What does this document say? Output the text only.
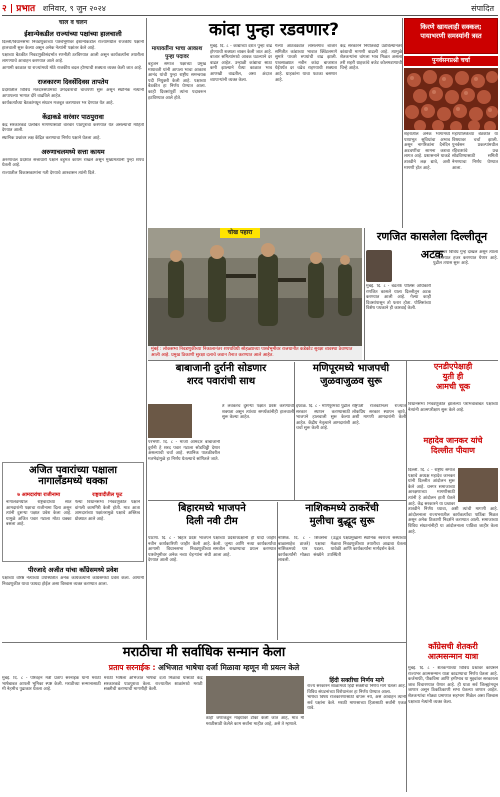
२ | प्रभात शनिवार, ९ जुन २०२४	संपादित
चाल व चलन
ईशान्येकडील राज्यांच्या पक्षांच्या हालचाली

दिल्ली/विधानसभा निवडणुकांच्या पार्श्वभूमीवर ईशान्येकडील राज्यांमधील राजकीय पक्षांनी हालचाली सुरू केल्या असून अनेक नेत्यांनी पक्षांतर केले आहे.

पक्षाच्या बैठकीत निवडणुकीसंदर्भात रणनीती ठरविण्यात आली असून कार्यकर्त्यांना तयारीला लागण्याचे आवाहन करण्यात आले आहे.

आगामी काळात या राज्यांमध्ये मोठे राजकीय बदल होण्याची शक्यता व्यक्त केली जात आहे.

राजकारण दिवसेंदिवस तापतेय

प्रदेशातील विविध मतदारसंघांमध्ये उमेदवारांची चाचपणी सुरू असून स्थानिक नेत्यांनी आपापल्या भागात दौरे वाढविले आहेत.

कार्यकर्त्यांच्या बैठकांमधून संघटन मजबूत करण्यावर भर देण्यात येत आहे.

केंद्राकडे वारंवार पाठपुरावा

केंद्र सरकारकडे प्रलंबित मागण्यांसाठी वारंवार पाठपुरावा करण्यात येत असल्याची माहिती देण्यात आली.

स्थानिक प्रश्नांवर लक्ष केंद्रित करण्याचा निर्णय पक्षाने घेतला आहे.

अरुणाचलमध्ये सत्ता कायम

अरुणाचल प्रदेशात सत्ताधारी पक्षाने बहुमत कायम राखले असून मुख्यमंत्र्यांनी पुन्हा शपथ घेतली आहे.

राज्यातील विकासकामांना गती देण्याचे आश्वासन त्यांनी दिले.

अजित पवारांच्या पक्षाला
नागालँडमध्ये धक्का
७ आमदारांचा राजीनामा
नागालँडमधील राष्ट्रवादीच्या सात आमदारांनी पक्षाचा राजीनामा दिला असून त्यांनी दुसऱ्या पक्षात प्रवेश केला आहे. यामुळे अजित पवार गटाला मोठा धक्का बसला आहे.
राष्ट्रवादीतील फूट
गेल्या विधानसभा निवडणुकीत पक्षाने चांगली कामगिरी केली होती. मात्र आता आमदारांच्या पक्षांतरामुळे पक्षाचे अस्तित्व धोक्यात आले आहे.
पीरजादे अजीत यांचा काँग्रेसमध्ये प्रवेश
पक्षाच्या वरिष्ठ नेत्यांच्या उपस्थितीत अनेक कार्यकर्त्यांनी काँग्रेसमध्ये प्रवेश केला. आगामी निवडणुकीत याचा फायदा होईल असा विश्वास व्यक्त करण्यात आला.
मायावतींना भाचा आकाश पुन्हा पदावर
बहुजन समाज पक्षाच्या प्रमुख मायावती यांनी आपला भाचा आकाश आनंद यांची पुन्हा राष्ट्रीय समन्वयक पदी नियुक्ती केली आहे. पक्षाच्या बैठकीत हा निर्णय घेण्यात आला. काही दिवसांपूर्वी त्यांना पदावरून हटविण्यात आले होते.
कांदा पुन्हा रडवणार?
मुंबई. दि. ८ - कांद्याच्या दरात पुन्हा वाढ होण्याची शक्यता व्यक्त केली जात आहे. बाजार समित्यांमध्ये आवक घटल्याने दर वाढत आहेत. उन्हाळी कांद्याचा साठा कमी झाल्याने येत्या काळात भाव आणखी वाढतील, असा अंदाज व्यापाऱ्यांनी व्यक्त केला.
गेल्या आठवड्यात लासलगाव बाजार समितीत कांद्याच्या भावात क्विंटलमागे सुमारे पाचशे रुपयांची वाढ झाली. पावसाळ्यात नवीन कांदा बाजारात येईपर्यंत दर चढेच राहण्याची शक्यता आहे. ग्राहकांना याचा फटका बसणार आहे.
केंद्र सरकारने निर्यातबंदी उठविल्यानंतर कांद्याची मागणी वाढली आहे. त्यामुळे शेतकऱ्यांना चांगला भाव मिळत असला तरी शहरी ग्राहकांचे बजेट कोलमडण्याची चिन्हे आहेत.

किरणे खायलाही सक्कल;
पायाभरणी समस्यांनी त्रस्त

पुनर्वसनप्रश्नी चर्चा

शहरातील अनेक भागांमध्ये पायाभूत सुविधांचा अभाव असून नागरिकांना दैनंदिन अडचणींचा सामना करावा लागत आहे. प्रशासनाने याकडे तातडीने लक्ष द्यावे, अशी मागणी होत आहे.
महापालिकेच्या बैठकीत या विषयावर चर्चा झाली. पुनर्वसन प्रकल्पांमधील रहिवाशांचे प्रश्न सोडविण्यासाठी समिती नेमण्याचा निर्णय घेण्यात आला.

चोख पहारा

मुंबई : लोकसभा निवडणुकीच्या निकालानंतर शपथविधी सोहळ्याच्या पार्श्वभूमीवर राजधानीत कडेकोट सुरक्षा व्यवस्था ठेवण्यात आली आहे. प्रमुख ठिकाणी सुरक्षा दलाचे जवान तैनात करण्यात आले आहेत.

रणजित कासलेला दिल्लीतून अटक
मुंबई. दि. ८ - बडतर्फ पोलिस अधिकारी रणजित कासले याला दिल्लीतून अटक करण्यात आली आहे. गेल्या काही दिवसांपासून तो फरार होता. पोलिसांच्या विशेष पथकाने ही कारवाई केली.
त्याच्यावर विविध गुन्हे दाखल असून त्याला न्यायालयात हजर करण्यात येणार आहे. पुढील तपास सुरू आहे.
बाबाजानी दुर्रानी सोडणार
शरद पवारांची साथ
परभणी. दि. ८ - माजी आमदार बाबाजानी दुर्रानी हे शरद पवार गटाला सोडचिठ्ठी देणार असल्याची चर्चा आहे. स्थानिक पातळीवरील मतभेदांमुळे हा निर्णय घेतल्याचे सांगितले जाते.
ते लवकरच दुसऱ्या पक्षात प्रवेश करण्याची शक्यता असून त्यांच्या समर्थकांनीही हालचाली सुरू केल्या आहेत.
मणिपूरमध्ये भाजपची
जुळवाजुळव सुरू
इंफाळ. दि. ८ - मणिपूरमध्ये पुढील सरकार स्थापन करण्यासाठी भाजपने हालचाली सुरू केल्या आहेत. केंद्रीय नेतृत्वाने आमदारांशी चर्चा सुरू केली आहे.
राष्ट्रपती राजवटीनंतर राज्यात लोकप्रिय सरकार स्थापन व्हावे, अशी मागणी आमदारांनी केली आहे.
एनडीएपेक्षाही
युती ही
आमची चूक
विधानसभा निवडणुकीत झालेल्या पराभवाबाबत पक्षाच्या नेत्यांनी आत्मपरीक्षण सुरू केले आहे.
महादेव जानकर यांचे
दिल्लीत पीयाण
दिल्ली. दि. ८ - राष्ट्रीय समाज पक्षाचे अध्यक्ष महादेव जानकर यांनी दिल्लीत आंदोलन सुरू केले आहे. धनगर समाजाच्या आरक्षणाच्या मागणीसाठी त्यांनी हे आंदोलन हाती घेतले आहे. केंद्र सरकारने या प्रश्नावर तातडीने निर्णय घ्यावा, अशी त्यांची मागणी आहे. आंदोलनाला राज्यभरातील कार्यकर्त्यांचा पाठिंबा मिळत असून अनेक ठिकाणी निदर्शने करण्यात आली. समाजाच्या विविध संघटनांनीही या आंदोलनाला पाठिंबा जाहीर केला आहे.
बिहारमध्ये भाजपने
दिली नवी टीम
पाटणा. दि. ८ - बिहार प्रदेश भाजपने नवीन कार्यकारिणी जाहीर केली आहे. आगामी विधानसभा निवडणुकीच्या पार्श्वभूमीवर अनेक नव्या चेहऱ्यांना संधी देण्यात आली आहे.
पक्षाच्या प्रदेशाध्यक्षांनी ही यादी जाहीर केली. जुन्या आणि नव्या कार्यकर्त्यांचा समतोल राखण्याचा प्रयत्न करण्यात आला आहे.
नाशिकमध्ये ठाकरेंची
मुलीचा बुद्धूद सुरू
नाशिक. दि. ८ - शिवसेना (उद्धव बाळासाहेब ठाकरे) पक्षाचा मेळावा नाशिकमध्ये पार पडला. यावेळी कार्यकर्त्यांनी मोठ्या संख्येने उपस्थिती लावली.
पक्षप्रमुखांनी स्थानिक स्वराज्य संस्थांच्या निवडणुकीच्या तयारीचा आढावा घेतला आणि कार्यकर्त्यांना मार्गदर्शन केले.
काँग्रेसची शेतकरी
आत्मसन्मान यात्रा
मुंबई. दि. ८ - शेतकऱ्यांच्या विविध प्रश्नांवर काँग्रेसने राज्यभर आत्मसन्मान यात्रा काढण्याचा निर्णय घेतला आहे. कर्जमाफी, पीकविमा आणि हमीभाव या मुद्द्यांवर सरकारला जाब विचारण्यात येणार आहे. ही यात्रा सर्व जिल्ह्यांमधून जाणार असून ठिकठिकाणी सभा घेतल्या जाणार आहेत. शेतकऱ्यांचा मोठ्या प्रमाणात सहभाग मिळेल असा विश्वास पक्षाच्या नेत्यांनी व्यक्त केला.
मराठीचा मी सर्वाधिक सन्मान केला

प्रताप सरनाईक : अभिजात भाषेचा दर्जा मिळावा म्हणून मी प्रयत्न केले

मुंबई. दि. ८ - परिवहन मंत्री प्रताप सरनाईक यांनी मराठी भाषेबाबत आपली भूमिका स्पष्ट केली. मराठीच्या सन्मानासाठी मी नेहमीच पुढाकार घेतला आहे.
मराठी भाषेला अभिजात भाषेचा दर्जा मिळावा यासाठी केंद्र सरकारकडे पाठपुरावा केला. राज्यातील शाळांमध्ये मराठी सक्तीची करण्याची मागणीही केली.
काही जणांकडून माझ्यावर टीका केली जात आहे, मात्र मी मराठीसाठी केलेले काम सर्वांना माहीत आहे, असे ते म्हणाले.
हिंदी सक्तीचा निर्णय मागे
राज्य सरकारने शाळांमध्ये हिंदी सक्तीचा निर्णय मागे घेतला आहे. विविध संघटनांच्या विरोधानंतर हा निर्णय घेण्यात आला.
भाषेचा विषय राजकारणासाठी वापरू नये, असे आवाहन त्यांनी सर्व पक्षांना केले. मराठी माणसाच्या हितासाठी सर्वांनी एकत्र यावे.
